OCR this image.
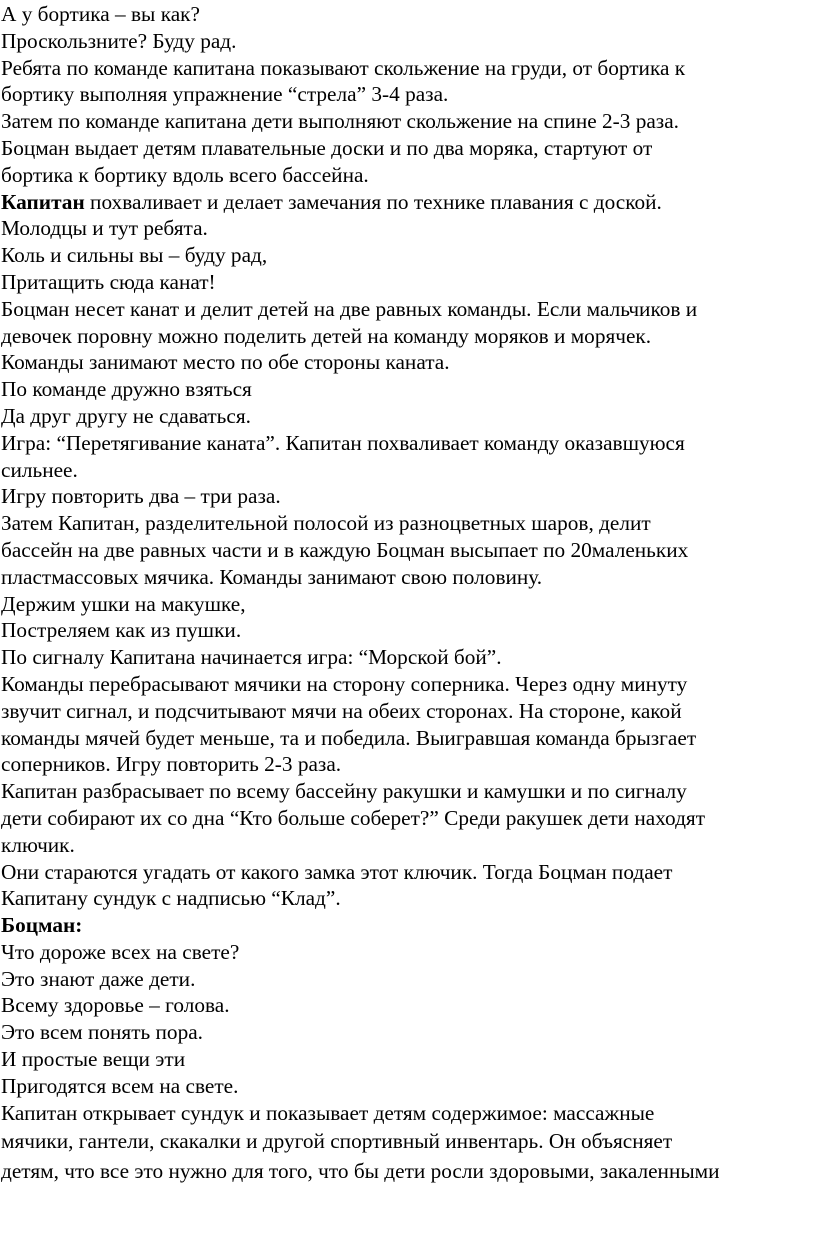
А у бортика – вы как?

Проскользните? Буду рад.

Ребята по команде капитана показывают скольжение на груди, от бортика к

бортику выполняя упражнение “стрела” 3-4 раза.

Затем по команде капитана дети выполняют скольжение на спине 2-3 раза.

Боцман выдает детям плавательные доски и по два моряка, стартуют от

бортика к бортику вдоль всего бассейна.

Капитан похваливает и делает замечания по технике плавания с доской.

Молодцы и тут ребята.

Коль и сильны вы – буду рад,

Притащить сюда канат!

Боцман несет канат и делит детей на две равных команды. Если мальчиков и

девочек поровну можно поделить детей на команду моряков и морячек.

Команды занимают место по обе стороны каната.

По команде дружно взяться

Да друг другу не сдаваться.

Игра: “Перетягивание каната”. Капитан похваливает команду оказавшуюся

сильнее.

Игру повторить два – три раза.

Затем Капитан, разделительной полосой из разноцветных шаров, делит

бассейн на две равных части и в каждую Боцман высыпает по 20маленьких

пластмассовых мячика. Команды занимают свою половину.

Держим ушки на макушке,

Постреляем как из пушки.

По сигналу Капитана начинается игра: “Морской бой”.

Команды перебрасывают мячики на сторону соперника. Через одну минуту

звучит сигнал, и подсчитывают мячи на обеих сторонах. На стороне, какой

команды мячей будет меньше, та и победила. Выигравшая команда брызгает

соперников. Игру повторить 2-3 раза.

Капитан разбрасывает по всему бассейну ракушки и камушки и по сигналу

дети собирают их со дна “Кто больше соберет?” Среди ракушек дети находят

ключик.

Они стараются угадать от какого замка этот ключик. Тогда Боцман подает

Капитану сундук с надписью “Клад”.

Боцман:

Что дороже всех на свете?

Это знают даже дети.

Всему здоровье – голова.

Это всем понять пора.

И простые вещи эти

Пригодятся всем на свете.

Капитан открывает сундук и показывает детям содержимое: массажные

мячики, гантели, скакалки и другой спортивный инвентарь. Он объясняет

детям, что все это нужно для того, что бы дети росли здоровыми, закаленными
